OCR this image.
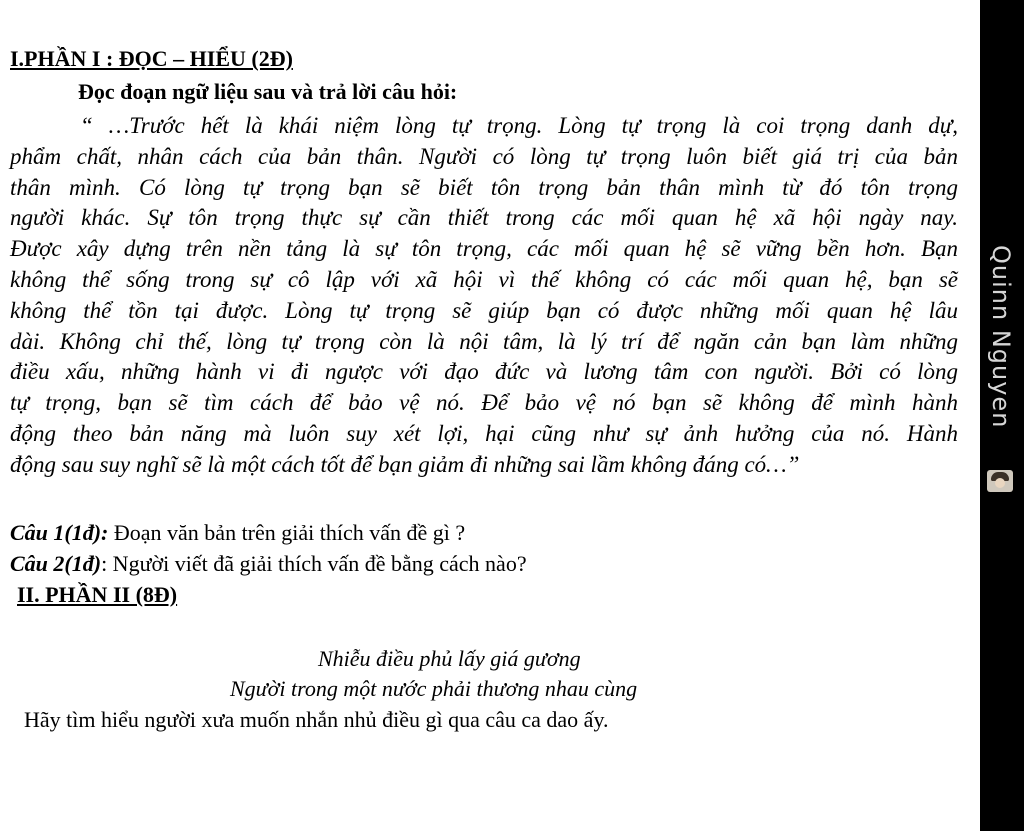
I.PHẦN I : ĐỌC – HIỂU (2Đ)
Đọc đoạn ngữ liệu sau và trả lời câu hỏi:
“ …Trước hết là khái niệm lòng tự trọng. Lòng tự trọng là coi trọng danh dự,
phẩm chất, nhân cách của bản thân. Người có lòng tự trọng luôn biết giá trị của bản
thân mình. Có lòng tự trọng bạn sẽ biết tôn trọng bản thân mình từ đó tôn trọng
người khác. Sự tôn trọng thực sự cần thiết trong các mối quan hệ xã hội ngày nay.
Được xây dựng trên nền tảng là sự tôn trọng, các mối quan hệ sẽ vững bền hơn. Bạn
không thể sống trong sự cô lập với xã hội vì thế không có các mối quan hệ, bạn sẽ
không thể tồn tại được. Lòng tự trọng sẽ giúp bạn có được những mối quan hệ lâu
dài. Không chỉ thế, lòng tự trọng còn là nội tâm, là lý trí để ngăn cản bạn làm những
điều xấu, những hành vi đi ngược với đạo đức và lương tâm con người. Bởi có lòng
tự trọng, bạn sẽ tìm cách để bảo vệ nó. Để bảo vệ nó bạn sẽ không để mình hành
động theo bản năng mà luôn suy xét lợi, hại cũng như sự ảnh hưởng của nó. Hành
động sau suy nghĩ sẽ là một cách tốt để bạn giảm đi những sai lầm không đáng có…”
Câu 1(1đ): Đoạn văn bản trên giải thích vấn đề gì ?
Câu 2(1đ): Người viết đã giải thích vấn đề bằng cách nào?
II. PHẦN II (8Đ)
Nhiễu điều phủ lấy giá gương
Người trong một nước phải thương nhau cùng
Hãy tìm hiểu người xưa muốn nhắn nhủ điều gì qua câu ca dao ấy.
Quinn Nguyen
